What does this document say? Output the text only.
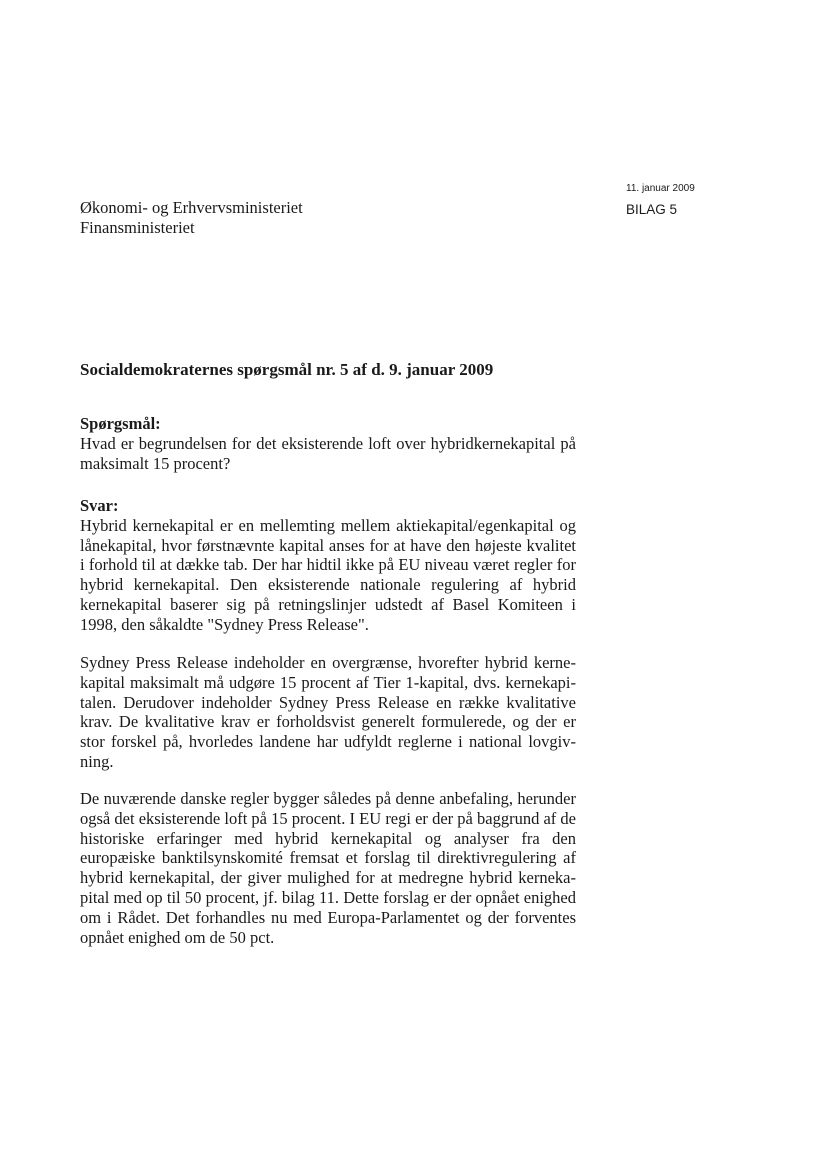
11. januar 2009
BILAG 5
Økonomi- og Erhvervsministeriet
Finansministeriet
Socialdemokraternes spørgsmål nr. 5 af d. 9. januar 2009

Spørgsmål:

Hvad er begrundelsen for det eksisterende loft over hybridkernekapital på maksimalt 15 procent?

Svar:

Hybrid kernekapital er en mellemting mellem aktiekapital/egenkapital og lånekapital, hvor førstnævnte kapital anses for at have den højeste kvalitet i forhold til at dække tab. Der har hidtil ikke på EU niveau været regler for hybrid kernekapital. Den eksisterende nationale regulering af hybrid kernekapital baserer sig på retningslinjer udstedt af Basel Komiteen i 1998, den såkaldte "Sydney Press Release".

Sydney Press Release indeholder en overgrænse, hvorefter hybrid kernekapital maksimalt må udgøre 15 procent af Tier 1-kapital, dvs. kernekapitalen. Derudover indeholder Sydney Press Release en række kvalitative krav. De kvalitative krav er forholdsvist generelt formulerede, og der er stor forskel på, hvorledes landene har udfyldt reglerne i national lovgivning.

De nuværende danske regler bygger således på denne anbefaling, herunder også det eksisterende loft på 15 procent. I EU regi er der på baggrund af de historiske erfaringer med hybrid kernekapital og analyser fra den europæiske banktilsynskomité fremsat et forslag til direktivregulering af hybrid kernekapital, der giver mulighed for at medregne hybrid kernekapital med op til 50 procent, jf. bilag 11. Dette forslag er der opnået enighed om i Rådet. Det forhandles nu med Europa-Parlamentet og der forventes opnået enighed om de 50 pct.
